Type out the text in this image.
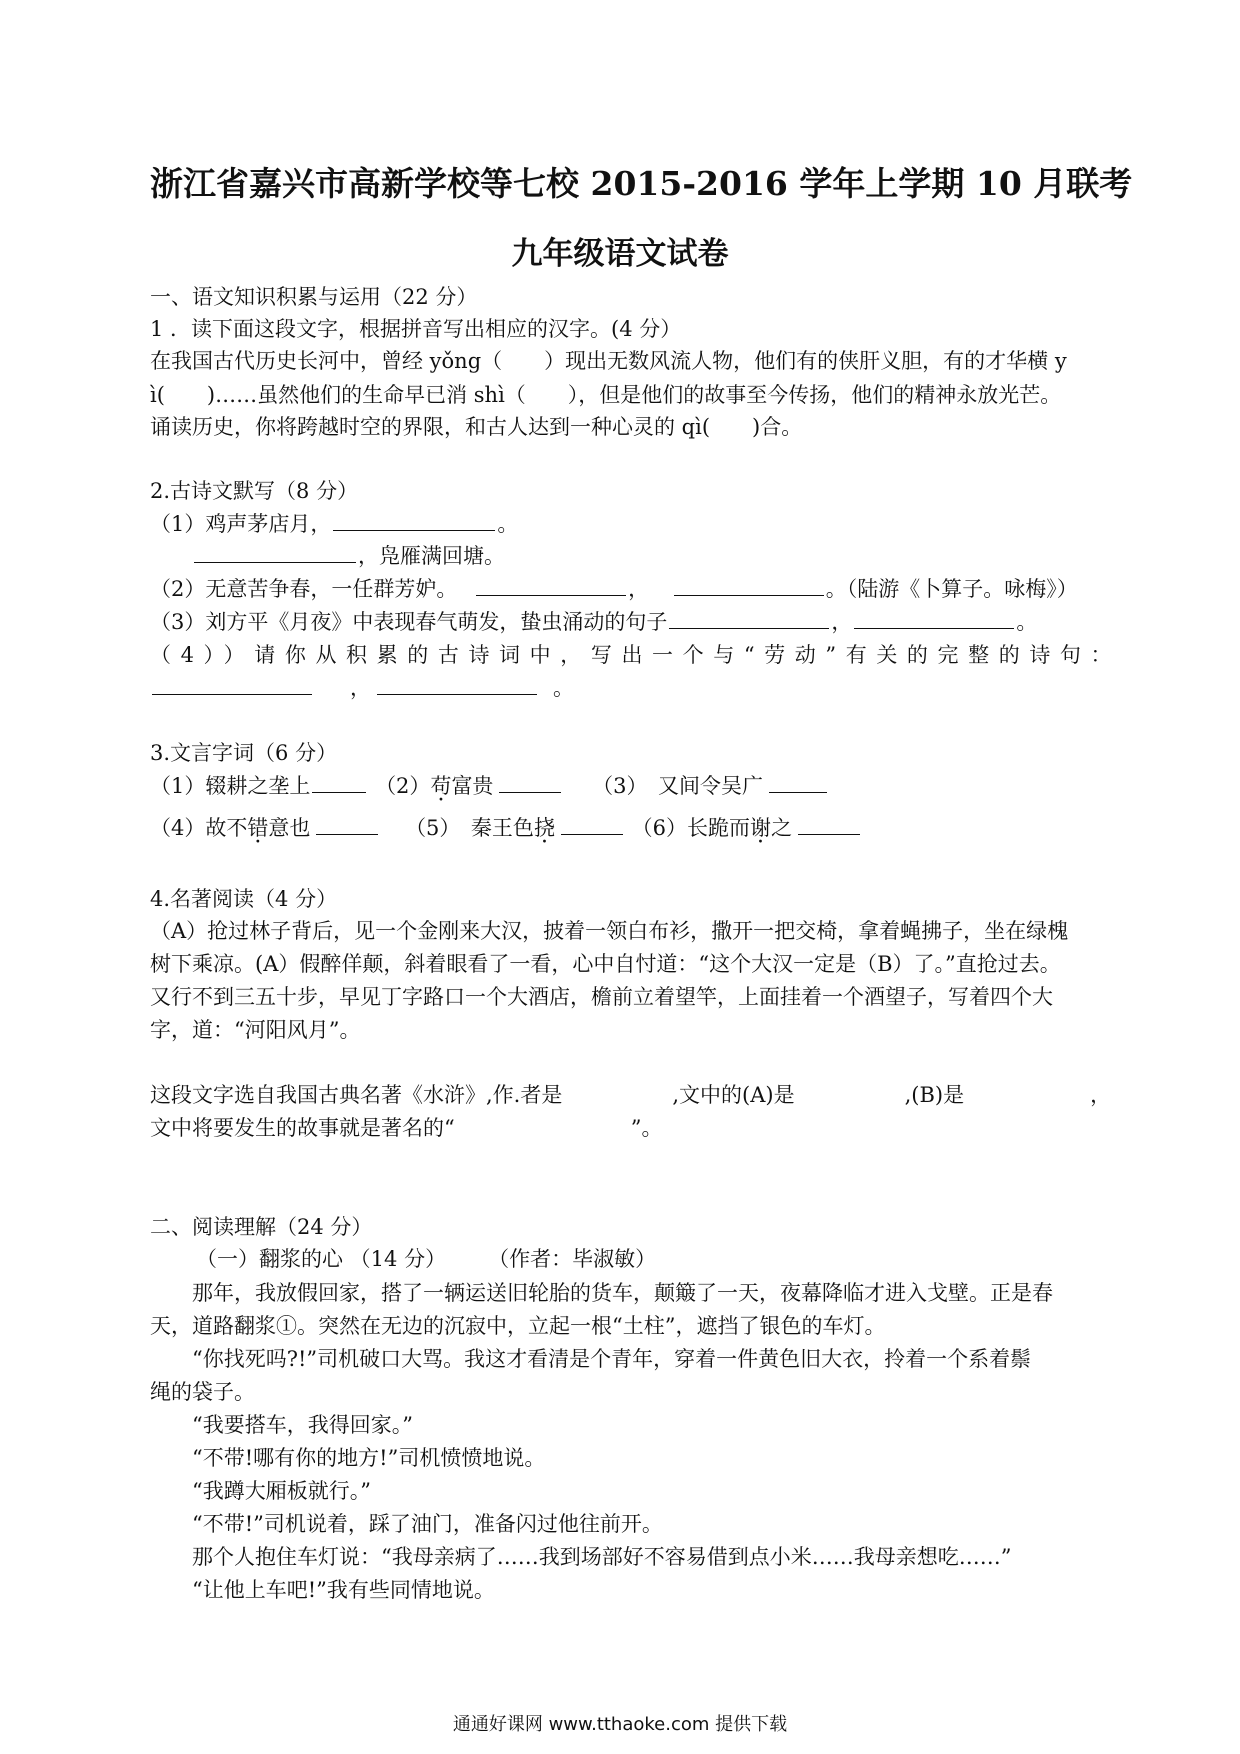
浙江省嘉兴市高新学校等七校 2015-2016 学年上学期 10 月联考
九年级语文试卷
一、语文知识积累与运用（22 分）
1 ．读下面这段文字，根据拼音写出相应的汉字。(4 分）
在我国古代历史长河中，曾经 yǒng（　　）现出无数风流人物，他们有的侠肝义胆，有的才华横 y
ì(　　)……虽然他们的生命早已消 shì（　　），但是他们的故事至今传扬，他们的精神永放光芒。
诵读历史，你将跨越时空的界限，和古人达到一种心灵的 qì(　　)合。
2.古诗文默写（8 分）
（1）鸡声茅店月，	。
，凫雁满回塘。
（2）无意苦争春，一任群芳妒。	，	。（陆游《卜算子。咏梅》）
（3）刘方平《月夜》中表现春气萌发，蛰虫涌动的句子	，	。
（4））请你从积累的古诗词中，写出一个与“劳动”有关的完整的诗句：
，	。
3.文言字词（6 分）
（1）辍耕之垄上	（2）苟富贵	（3）　又间令吴广
（4）故不错意也	（5）　秦王色挠	（6）长跪而谢之
4.名著阅读（4 分）
（A）抢过林子背后，见一个金刚来大汉，披着一领白布衫，撒开一把交椅，拿着蝇拂子，坐在绿槐
树下乘凉。(A）假醉佯颠，斜着眼看了一看，心中自忖道：“这个大汉一定是（B）了。”直抢过去。
又行不到三五十步，早见丁字路口一个大酒店，檐前立着望竿，上面挂着一个酒望子，写着四个大
字，道：“河阳风月”。
这段文字选自我国古典名著《水浒》,作.者是	,文中的(A)是	,(B)是	，
文中将要发生的故事就是著名的“	”。
二、阅读理解（24 分）
（一）翻浆的心 （14 分）　　　（作者：毕淑敏）
　　那年，我放假回家，搭了一辆运送旧轮胎的货车，颠簸了一天，夜幕降临才进入戈壁。正是春
天，道路翻浆①。突然在无边的沉寂中，立起一根“土柱”，遮挡了银色的车灯。
　　“你找死吗?!”司机破口大骂。我这才看清是个青年，穿着一件黄色旧大衣，拎着一个系着鬃
绳的袋子。
　　“我要搭车，我得回家。”
　　“不带!哪有你的地方!”司机愤愤地说。
　　“我蹲大厢板就行。”
　　“不带!”司机说着，踩了油门，准备闪过他往前开。
　　那个人抱住车灯说：“我母亲病了……我到场部好不容易借到点小米……我母亲想吃……”
　　“让他上车吧!”我有些同情地说。
通通好课网 www.tthaoke.com 提供下载
